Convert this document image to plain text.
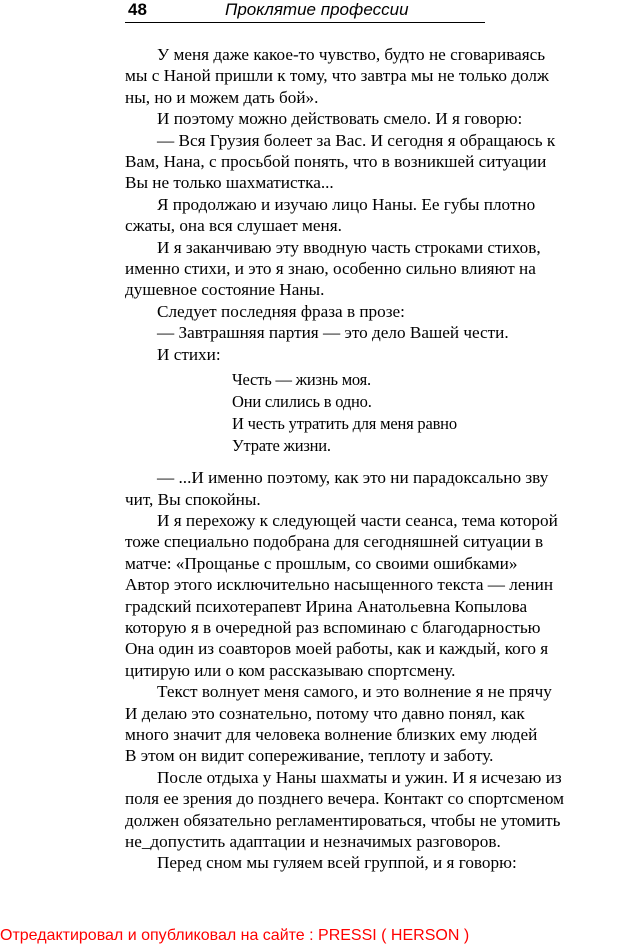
48	Проклятие профессии

У меня даже какое-то чувство, будто не сговариваясь

мы с Наной пришли к тому, что завтра мы не только долж

ны, но и можем дать бой».

И поэтому можно действовать смело. И я говорю:

— Вся Грузия болеет за Вас. И сегодня я обращаюсь к

Вам, Нана, с просьбой понять, что в возникшей ситуации

Вы не только шахматистка...

Я продолжаю и изучаю лицо Наны. Ее губы плотно

сжаты, она вся слушает меня.

И я заканчиваю эту вводную часть строками стихов,

именно стихи, и это я знаю, особенно сильно влияют на

душевное состояние Наны.

Следует последняя фраза в прозе:

— Завтрашняя партия — это дело Вашей чести.

И стихи:

Честь — жизнь моя.

Они слились в одно.

И честь утратить для меня равно

Утрате жизни.

— ...И именно поэтому, как это ни парадоксально зву

чит, Вы спокойны.

И я перехожу к следующей части сеанса, тема которой

тоже специально подобрана для сегодняшней ситуации в

матче: «Прощанье с прошлым, со своими ошибками»

Автор этого исключительно насыщенного текста — ленин

градский психотерапевт Ирина Анатольевна Копылова

которую я в очередной раз вспоминаю с благодарностью

Она один из соавторов моей работы, как и каждый, кого я

цитирую или о ком рассказываю спортсмену.

Текст волнует меня самого, и это волнение я не прячу

И делаю это сознательно, потому что давно понял, как

много значит для человека волнение близких ему людей

В этом он видит сопереживание, теплоту и заботу.

После отдыха у Наны шахматы и ужин. И я исчезаю из

поля ее зрения до позднего вечера. Контакт со спортсменом

должен обязательно регламентироваться, чтобы не утомить

не_допустить адаптации и незначимых разговоров.

Перед сном мы гуляем всей группой, и я говорю:

Отредактировал и опубликовал на сайте : PRESSI ( HERSON )
